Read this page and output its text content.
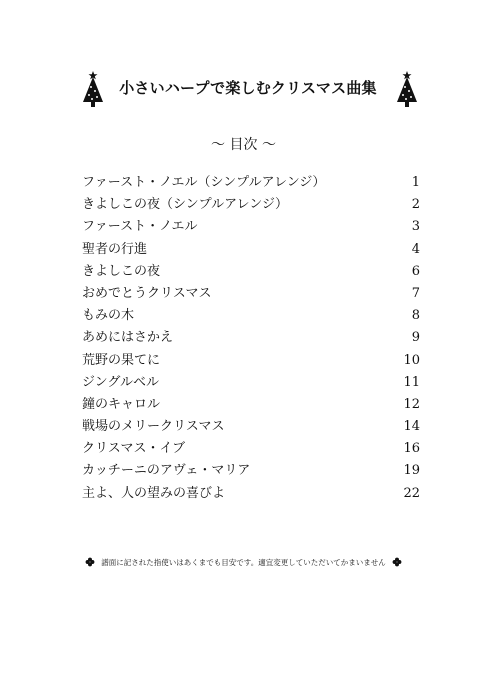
小さいハープで楽しむクリスマス曲集
～ 目次 ～
ファースト・ノエル（シンプルアレンジ）	1
きよしこの夜（シンプルアレンジ）	2
ファースト・ノエル	3
聖者の行進	4
きよしこの夜	6
おめでとうクリスマス	7
もみの木	8
あめにはさかえ	9
荒野の果てに	10
ジングルベル	11
鐘のキャロル	12
戦場のメリークリスマス	14
クリスマス・イブ	16
カッチーニのアヴェ・マリア	19
主よ、人の望みの喜びよ	22
譜面に記された指使いはあくまでも目安です。適宜変更していただいてかまいません
